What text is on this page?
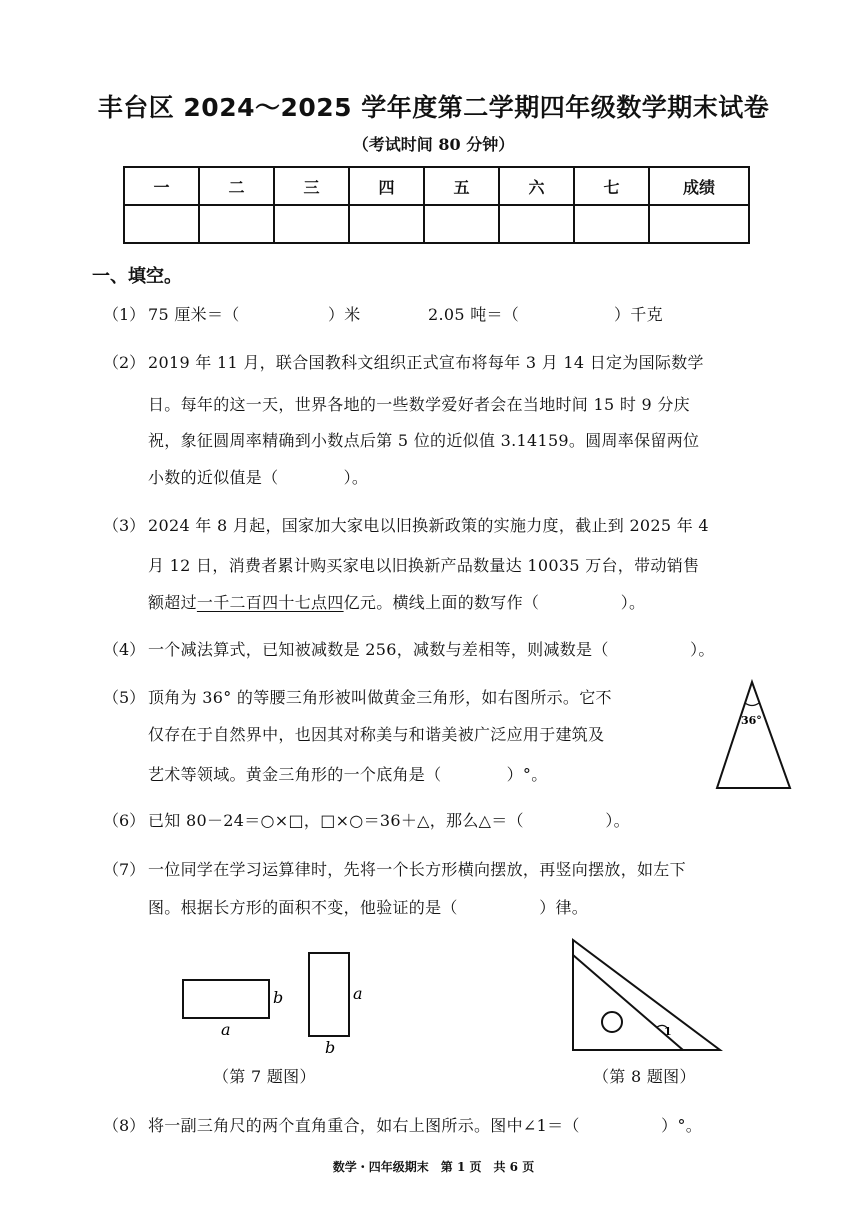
丰台区 2024～2025 学年度第二学期四年级数学期末试卷
（考试时间 80 分钟）
一	二	三	四	五	六	七	成绩

一、填空。
（1） 75 厘米＝（	）米	2.05 吨＝（	）千克
（2） 2019 年 11 月，联合国教科文组织正式宣布将每年 3 月 14 日定为国际数学
日。每年的这一天，世界各地的一些数学爱好者会在当地时间 15 时 9 分庆
祝，象征圆周率精确到小数点后第 5 位的近似值 3.14159。圆周率保留两位
小数的近似值是（　　　　）。
（3） 2024 年 8 月起，国家加大家电以旧换新政策的实施力度，截止到 2025 年 4
月 12 日，消费者累计购买家电以旧换新产品数量达 10035 万台，带动销售
额超过一千二百四十七点四亿元。横线上面的数写作（　　　　　）。
（4） 一个减法算式，已知被减数是 256，减数与差相等，则减数是（　　　　　）。
（5） 顶角为 36° 的等腰三角形被叫做黄金三角形，如右图所示。它不
仅存在于自然界中，也因其对称美与和谐美被广泛应用于建筑及
艺术等领域。黄金三角形的一个底角是（　　　　）°。
36°
（6） 已知 80－24＝○×□，□×○＝36＋△，那么△＝（　　　　　）。
（7） 一位同学在学习运算律时，先将一个长方形横向摆放，再竖向摆放，如左下
图。根据长方形的面积不变，他验证的是（　　　　　）律。
a
b	a
b
（第 7 题图）
1
（第 8 题图）
（8） 将一副三角尺的两个直角重合，如右上图所示。图中∠1＝（　　　　　）°。
数学・四年级期末　第 1 页　共 6 页
